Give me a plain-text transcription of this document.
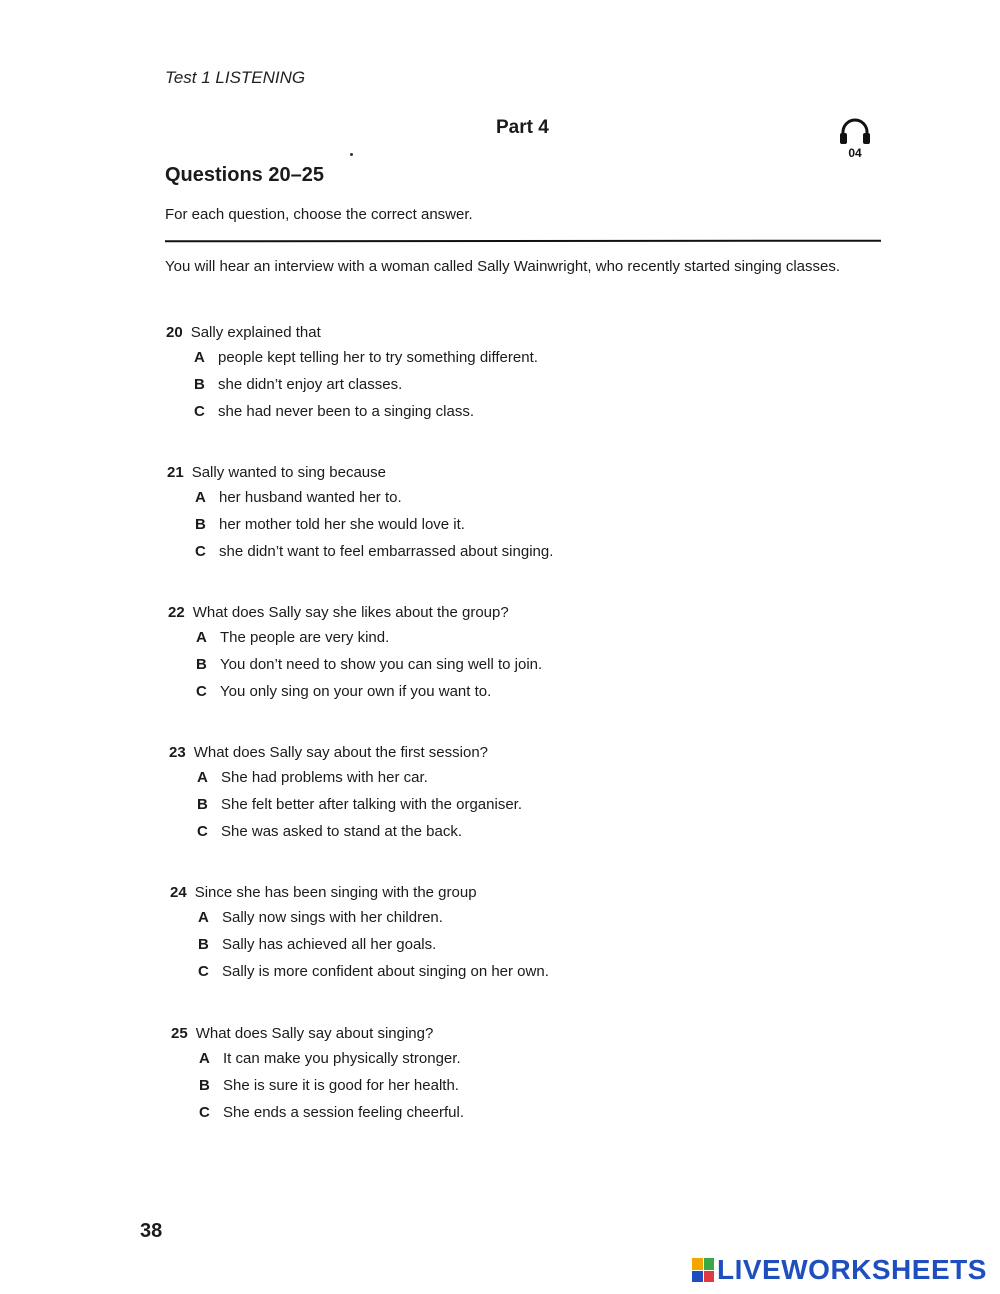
Test 1 LISTENING
Part 4
04
Questions 20–25
For each question, choose the correct answer.
You will hear an interview with a woman called Sally Wainwright, who recently started singing classes.
20 Sally explained that
A people kept telling her to try something different.
B she didn’t enjoy art classes.
C she had never been to a singing class.
21 Sally wanted to sing because
A her husband wanted her to.
B her mother told her she would love it.
C she didn’t want to feel embarrassed about singing.
22 What does Sally say she likes about the group?
A The people are very kind.
B You don’t need to show you can sing well to join.
C You only sing on your own if you want to.
23 What does Sally say about the first session?
A She had problems with her car.
B She felt better after talking with the organiser.
C She was asked to stand at the back.
24 Since she has been singing with the group
A Sally now sings with her children.
B Sally has achieved all her goals.
C Sally is more confident about singing on her own.
25 What does Sally say about singing?
A It can make you physically stronger.
B She is sure it is good for her health.
C She ends a session feeling cheerful.
38
LIVEWORKSHEETS
